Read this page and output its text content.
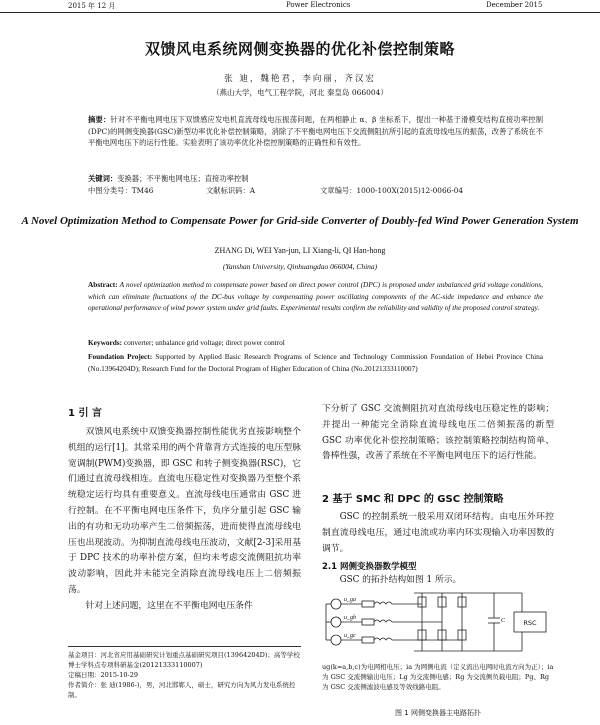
2015 年 12 月	Power Electronics	December 2015
双馈风电系统网侧变换器的优化补偿控制策略
张 迪，魏艳君，李向丽，齐汉宏
（燕山大学，电气工程学院，河北 秦皇岛 066004）
摘要：针对不平衡电网电压下双馈感应发电机直流母线电压振荡问题，在两相静止 α、β 坐标系下，提出一种基于滑模变结构直接功率控制(DPC)的网侧变换器(GSC)新型功率优化补偿控制策略，消除了不平衡电网电压下交流侧阻抗所引起的直流母线电压的振荡，改善了系统在不平衡电网电压下的运行性能。实验表明了该功率优化补偿控制策略的正确性和有效性。
关键词：变换器；不平衡电网电压；直接功率控制
中图分类号：TM46	文献标识码：A	文章编号：1000-100X(2015)12-0066-04
A Novel Optimization Method to Compensate Power for Grid-side Converter of Doubly-fed Wind Power Generation System
ZHANG Di, WEI Yan-jun, LI Xiang-li, QI Han-hong
(Yanshan University, Qinhuangdao 066004, China)
Abstract: A novel optimization method to compensate power based on direct power control (DPC) is proposed under unbalanced grid voltage conditions, which can eliminate fluctuations of the DC-bus voltage by compensating power oscillating components of the AC-side impedance and enhance the operational performance of wind power system under grid faults. Experimental results confirm the reliability and validity of the proposed control strategy.
Keywords: converter; unbalance grid voltage; direct power control
Foundation Project: Supported by Applied Basic Research Programs of Science and Technology Commission Foundation of Hebei Province China (No.13964204D); Research Fund for the Doctoral Program of Higher Education of China (No.20121333110007)
1 引 言

双馈风电系统中双馈变换器控制性能优劣直接影响整个机组的运行[1]。其常采用的两个背靠背方式连接的电压型脉宽调制(PWM)变换器，即 GSC 和转子侧变换器(RSC)，它们通过直流母线相连。直流电压稳定性对变换器乃至整个系统稳定运行均具有重要意义。直流母线电压通常由 GSC 进行控制。在不平衡电网电压条件下，负序分量引起 GSC 输出的有功和无功功率产生二倍频振荡，进而使得直流母线电压也出现波动。为抑制直流母线电压波动，文献[2-3]采用基于 DPC 技术的功率补偿方案，但均未考虑交流侧阻抗功率波动影响，因此并未能完全消除直流母线电压上二倍频振荡。

针对上述问题，这里在不平衡电网电压条件

基金项目：河北省应用基础研究计划重点基础研究项目(13964204D)；高等学校博士学科点专项科研基金(20121333110007)
定稿日期：2015-10-29
作者简介：张 迪(1986-)，男，河北邯郸人，硕士，研究方向为风力发电系统控制。

下分析了 GSC 交流侧阻抗对直流母线电压稳定性的影响；并提出一种能完全消除直流母线电压二倍频振荡的新型 GSC 功率优化补偿控制策略；该控制策略控制结构简单、鲁棒性强，改善了系统在不平衡电网电压下的运行性能。

2 基于 SMC 和 DPC 的 GSC 控制策略

GSC 的控制系统一般采用双闭环结构。由电压外环控制直流母线电压，通过电流或功率内环实现输入功率因数的调节。

2.1 网侧变换器数学模型

GSC 的拓扑结构如图 1 所示。

u_ga
u_gb
u_gc
C	RSC
ug(k=a,b,c)为电网相电压；ia 为网侧电流（定义流出电网时电流方向为正）；ia 为 GSC 交流侧输出电压；Lg 为交流侧电感；Rg 为交流侧负载电阻；Pg、Rg 为 GSC 交流侧滤波电感及等效线路电阻。
图 1 网侧变换器主电路拓扑
